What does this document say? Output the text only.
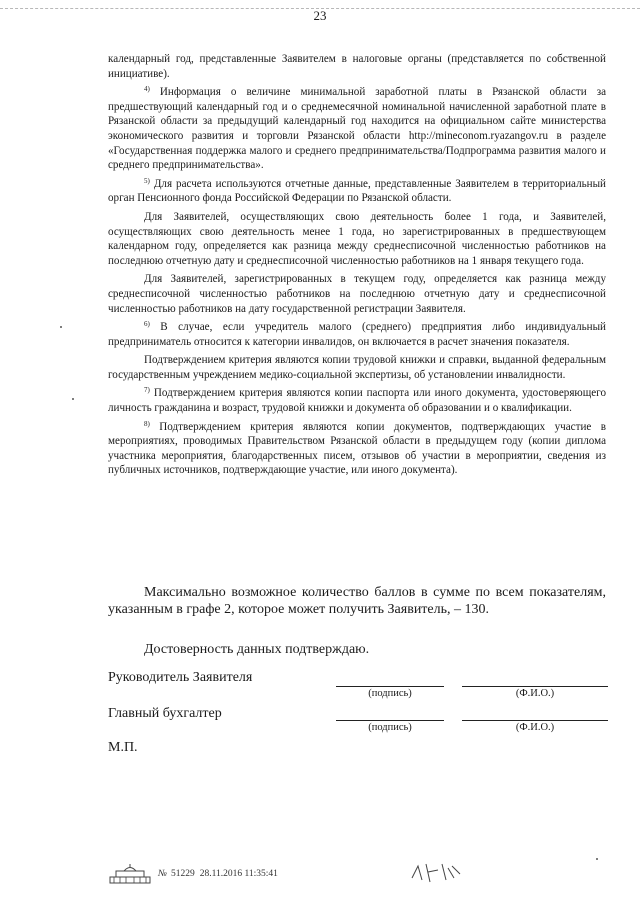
23

календарный год, представленные Заявителем в налоговые органы (представляется по собственной инициативе).

$^{4)}$ Информация о величине минимальной заработной платы в Рязанской области за предшествующий календарный год и о среднемесячной номинальной начисленной заработной плате в Рязанской области за предыдущий календарный год находится на официальном сайте министерства экономического развития и торговли Рязанской области http://mineconom.ryazangov.ru в разделе «Государственная поддержка малого и среднего предпринимательства/Подпрограмма развития малого и среднего предпринимательства».

$^{5)}$ Для расчета используются отчетные данные, представленные Заявителем в территориальный орган Пенсионного фонда Российской Федерации по Рязанской области.

Для Заявителей, осуществляющих свою деятельность более 1 года, и Заявителей, осуществляющих свою деятельность менее 1 года, но зарегистрированных в предшествующем календарном году, определяется как разница между среднесписочной численностью работников на последнюю отчетную дату и среднесписочной численностью работников на 1 января текущего года.

Для Заявителей, зарегистрированных в текущем году, определяется как разница между среднесписочной численностью работников на последнюю отчетную дату и среднесписочной численностью работников на дату государственной регистрации Заявителя.

$^{6)}$ В случае, если учредитель малого (среднего) предприятия либо индивидуальный предприниматель относится к категории инвалидов, он включается в расчет значения показателя.

Подтверждением критерия являются копии трудовой книжки и справки, выданной федеральным государственным учреждением медико-социальной экспертизы, об установлении инвалидности.

$^{7)}$ Подтверждением критерия являются копии паспорта или иного документа, удостоверяющего личность гражданина и возраст, трудовой книжки и документа об образовании и о квалификации.

$^{8)}$ Подтверждением критерия являются копии документов, подтверждающих участие в мероприятиях, проводимых Правительством Рязанской области в предыдущем году (копии диплома участника мероприятия, благодарственных писем, отзывов об участии в мероприятии, сведения из публичных источников, подтверждающие участие, или иного документа).

Максимально возможное количество баллов в сумме по всем показателям, указанным в графе 2, которое может получить Заявитель, – 130.

Достоверность данных подтверждаю.

Руководитель Заявителя
(подпись)	(Ф.И.О.)
Главный бухгалтер
(подпись)	(Ф.И.О.)
М.П.
№ 51229 28.11.2016 11:35:41
